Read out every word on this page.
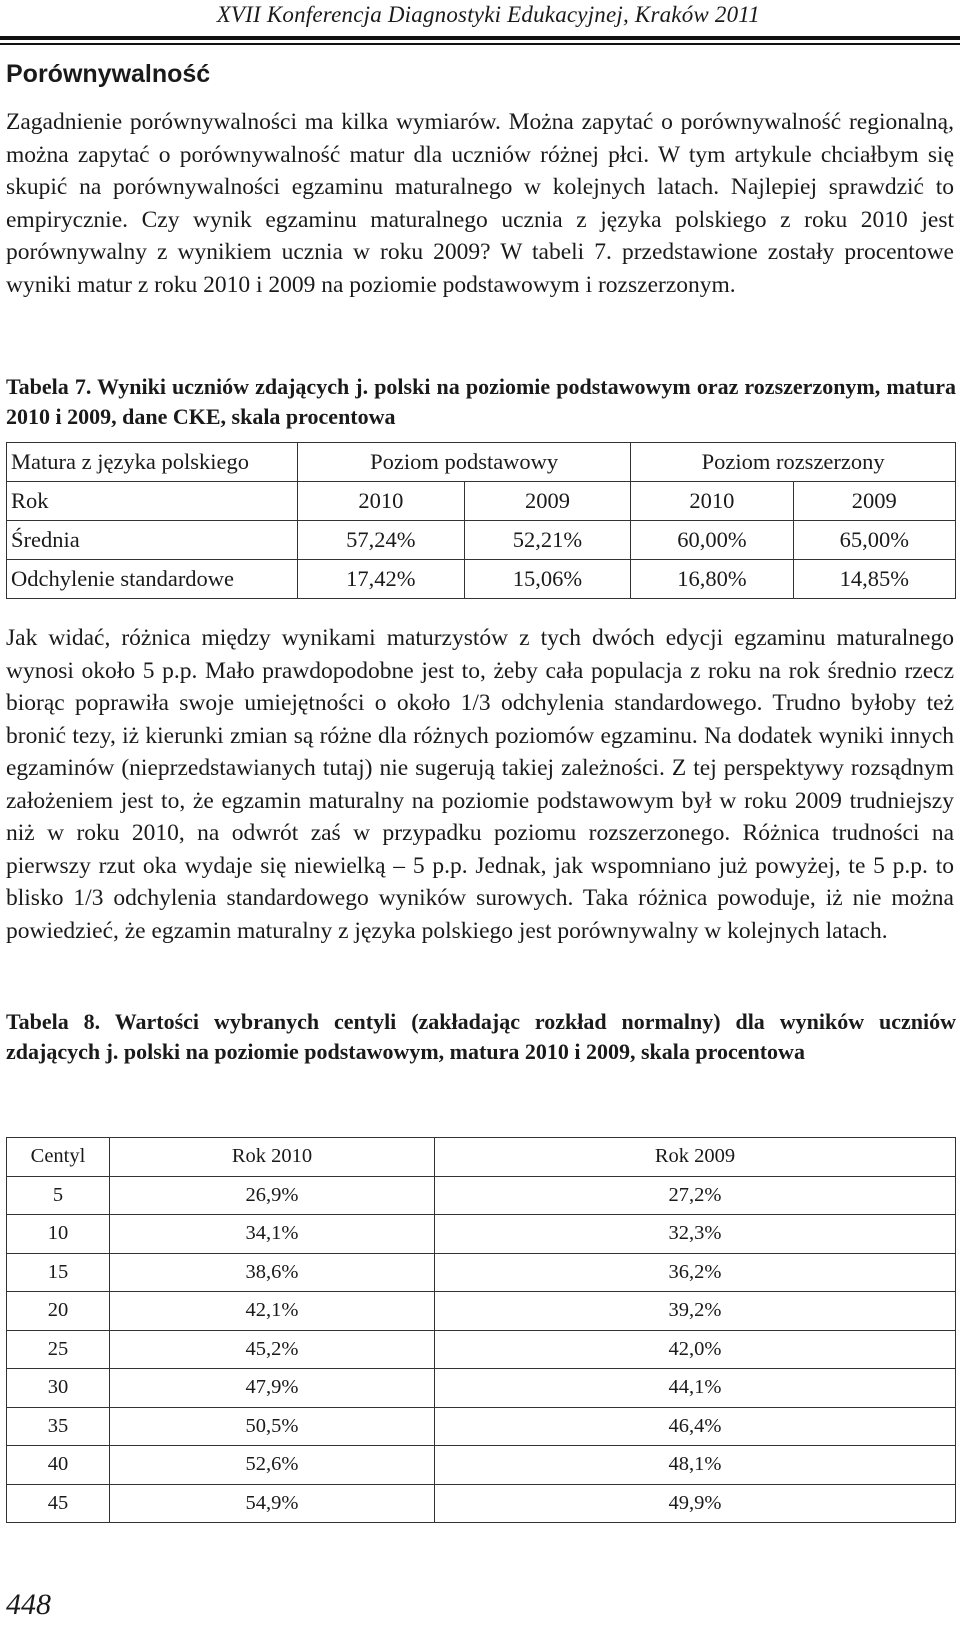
XVII Konferencja Diagnostyki Edukacyjnej, Kraków 2011
Porównywalność

Zagadnienie porównywalności ma kilka wymiarów. Można zapytać o porównywalność regionalną, można zapytać o porównywalność matur dla uczniów różnej płci. W tym artykule chciałbym się skupić na porównywalności egzaminu maturalnego w kolejnych latach. Najlepiej sprawdzić to empirycznie. Czy wynik egzaminu maturalnego ucznia z języka polskiego z roku 2010 jest porównywalny z wynikiem ucznia w roku 2009? W tabeli 7. przedstawione zostały procentowe wyniki matur z roku 2010 i 2009 na poziomie podstawowym i rozszerzonym.

Tabela 7. Wyniki uczniów zdających j. polski na poziomie podstawowym oraz rozszerzonym, matura 2010 i 2009, dane CKE, skala procentowa

Matura z języka polskiego	Poziom podstawowy		Poziom rozszerzony	
Rok	2010	2009	2010	2009
Średnia	57,24%	52,21%	60,00%	65,00%
Odchylenie standardowe	17,42%	15,06%	16,80%	14,85%

Jak widać, różnica między wynikami maturzystów z tych dwóch edycji egzaminu maturalnego wynosi około 5 p.p. Mało prawdopodobne jest to, żeby cała populacja z roku na rok średnio rzecz biorąc poprawiła swoje umiejętności o około 1/3 odchylenia standardowego. Trudno byłoby też bronić tezy, iż kierunki zmian są różne dla różnych poziomów egzaminu. Na dodatek wyniki innych egzaminów (nieprzedstawianych tutaj) nie sugerują takiej zależności. Z tej perspektywy rozsądnym założeniem jest to, że egzamin maturalny na poziomie podstawowym był w roku 2009 trudniejszy niż w roku 2010, na odwrót zaś w przypadku poziomu rozszerzonego. Różnica trudności na pierwszy rzut oka wydaje się niewielką – 5 p.p. Jednak, jak wspomniano już powyżej, te 5 p.p. to blisko 1/3 odchylenia standardowego wyników surowych. Taka różnica powoduje, iż nie można powiedzieć, że egzamin maturalny z języka polskiego jest porównywalny w kolejnych latach.

Tabela 8. Wartości wybranych centyli (zakładając rozkład normalny) dla wyników uczniów zdających j. polski na poziomie podstawowym, matura 2010 i 2009, skala procentowa

Centyl	Rok 2010	Rok 2009
5	26,9%	27,2%
10	34,1%	32,3%
15	38,6%	36,2%
20	42,1%	39,2%
25	45,2%	42,0%
30	47,9%	44,1%
35	50,5%	46,4%
40	52,6%	48,1%
45	54,9%	49,9%
448
